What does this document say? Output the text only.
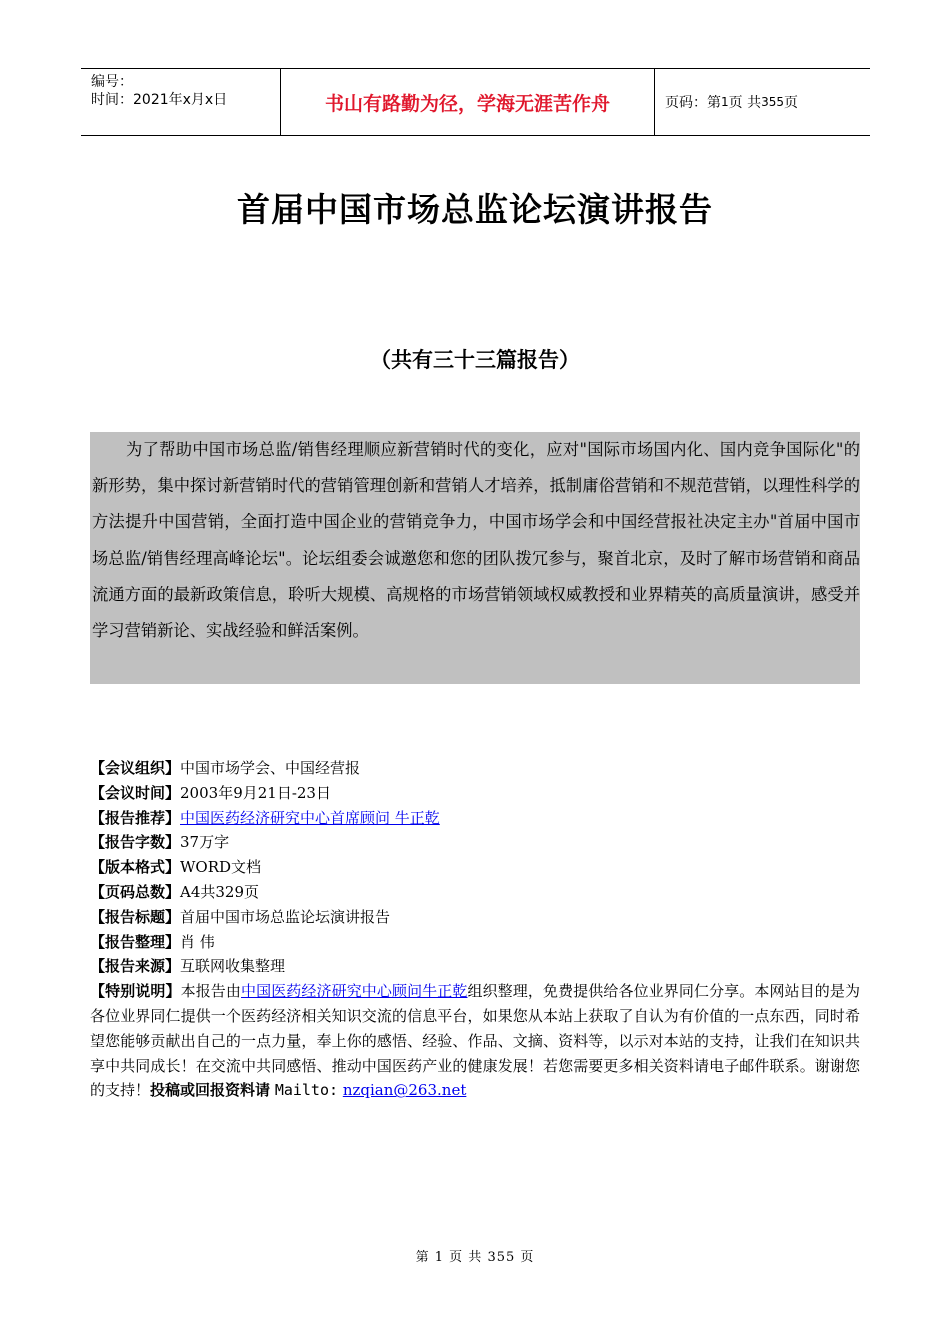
编号：
时间：2021年x月x日	书山有路勤为径，学海无涯苦作舟	页码：第 1 页 共 355 页
首届中国市场总监论坛演讲报告
（共有三十三篇报告）
为了帮助中国市场总监/销售经理顺应新营销时代的变化，应对"国际市场国内化、国内竞争国际化"的新形势，集中探讨新营销时代的营销管理创新和营销人才培养，抵制庸俗营销和不规范营销，以理性科学的方法提升中国营销，全面打造中国企业的营销竞争力，中国市场学会和中国经营报社决定主办"首届中国市场总监/销售经理高峰论坛"。论坛组委会诚邀您和您的团队拨冗参与，聚首北京，及时了解市场营销和商品流通方面的最新政策信息，聆听大规模、高规格的市场营销领域权威教授和业界精英的高质量演讲，感受并学习营销新论、实战经验和鲜活案例。
【会议组织】中国市场学会、中国经营报
【会议时间】2003年9月21日-23日
【报告推荐】中国医药经济研究中心首席顾问 牛正乾
【报告字数】37万字
【版本格式】WORD文档
【页码总数】A4共329页
【报告标题】首届中国市场总监论坛演讲报告
【报告整理】肖 伟
【报告来源】互联网收集整理
【特别说明】本报告由中国医药经济研究中心顾问牛正乾组织整理，免费提供给各位业界同仁分享。本网站目的是为各位业界同仁提供一个医药经济相关知识交流的信息平台，如果您从本站上获取了自认为有价值的一点东西，同时希望您能够贡献出自己的一点力量，奉上你的感悟、经验、作品、文摘、资料等，以示对本站的支持，让我们在知识共享中共同成长！在交流中共同感悟、推动中国医药产业的健康发展！若您需要更多相关资料请电子邮件联系。谢谢您的支持！投稿或回报资料请 Mailto: nzqian@263.net
第 1 页 共 355 页
